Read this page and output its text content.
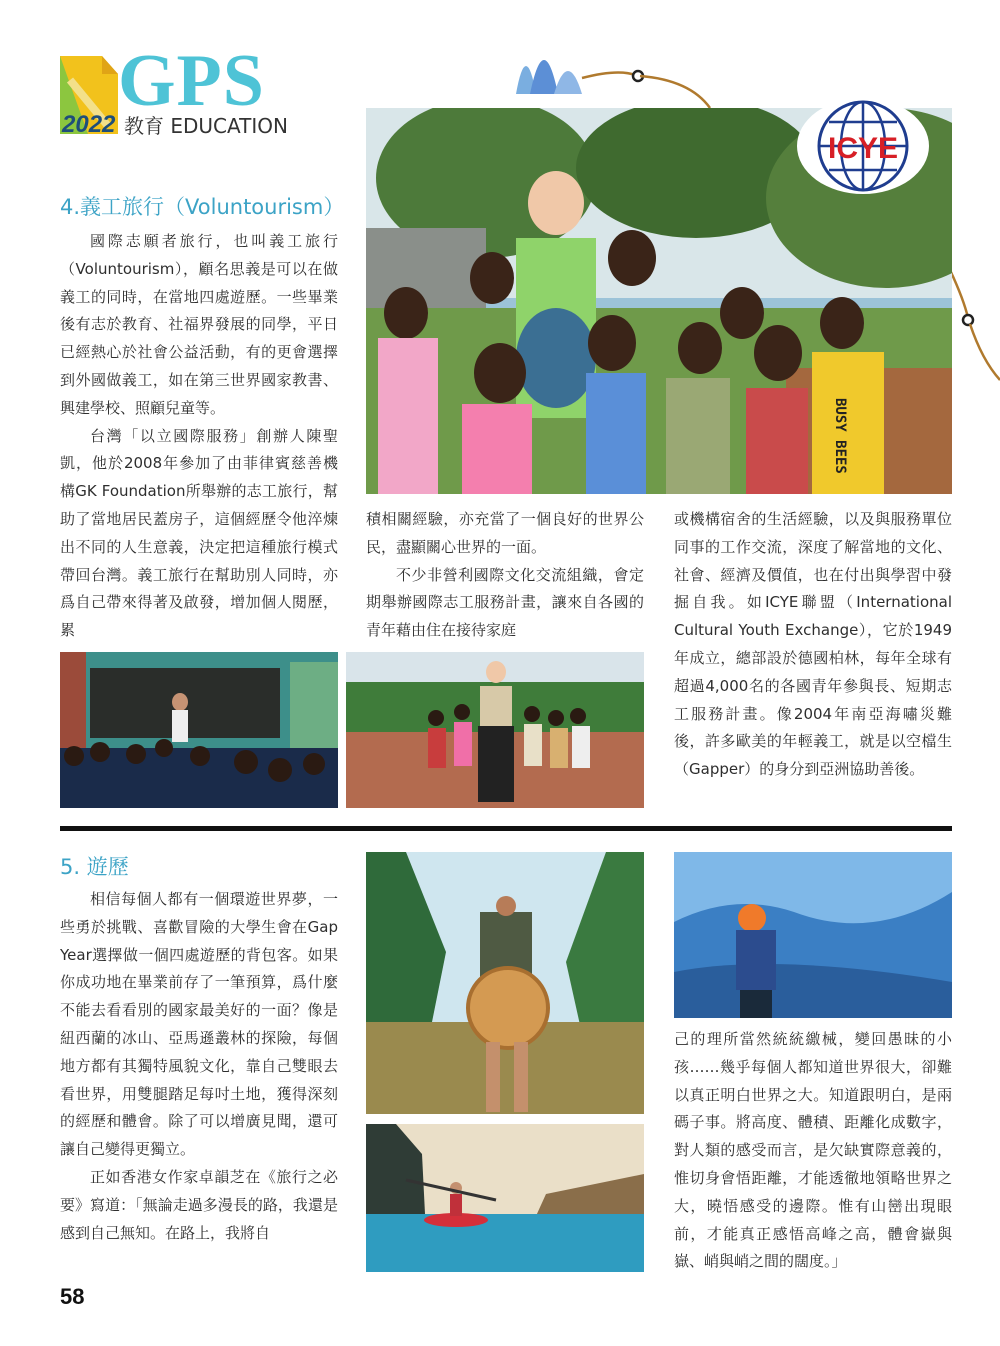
GPS
2022 教育 EDUCATION
4.義工旅行（Voluntourism）

國際志願者旅行，也叫義工旅行（Voluntourism），顧名思義是可以在做義工的同時，在當地四處遊歷。一些畢業後有志於教育、社福界發展的同學，平日已經熱心於社會公益活動，有的更會選擇到外國做義工，如在第三世界國家教書、興建學校、照顧兒童等。

台灣「以立國際服務」創辦人陳聖凱，他於2008年參加了由菲律賓慈善機構GK Foundation所舉辦的志工旅行，幫助了當地居民蓋房子，這個經歷令他淬煉出不同的人生意義，決定把這種旅行模式帶回台灣。義工旅行在幫助別人同時，亦爲自己帶來得著及啟發，增加個人閱歷，累

BUSY BEES
ICYE

積相關經驗，亦充當了一個良好的世界公民，盡顯關心世界的一面。

不少非營利國際文化交流組織，會定期舉辦國際志工服務計畫，讓來自各國的青年藉由住在接待家庭

或機構宿舍的生活經驗，以及與服務單位同事的工作交流，深度了解當地的文化、社會、經濟及價值，也在付出與學習中發掘自我。如ICYE聯盟（International Cultural Youth Exchange），它於1949年成立，總部設於德國柏林，每年全球有超過4,000名的各國青年參與長、短期志工服務計畫。像2004年南亞海嘯災難後，許多歐美的年輕義工，就是以空檔生（Gapper）的身分到亞洲協助善後。

5. 遊歷

相信每個人都有一個環遊世界夢，一些勇於挑戰、喜歡冒險的大學生會在Gap Year選擇做一個四處遊歷的背包客。如果你成功地在畢業前存了一筆預算，爲什麼不能去看看別的國家最美好的一面？像是紐西蘭的冰山、亞馬遜叢林的探險，每個地方都有其獨特風貌文化，靠自己雙眼去看世界，用雙腿踏足每吋土地，獲得深刻的經歷和體會。除了可以增廣見聞，還可讓自己變得更獨立。

正如香港女作家卓韻芝在《旅行之必要》寫道：「無論走過多漫長的路，我還是感到自己無知。在路上，我將自

己的理所當然統統繳械，變回愚昧的小孩……幾乎每個人都知道世界很大，卻難以真正明白世界之大。知道跟明白，是兩碼子事。將高度、體積、距離化成數字，對人類的感受而言，是欠缺實際意義的，惟切身會悟距離，才能透徹地領略世界之大，曉悟感受的邊際。惟有山巒出現眼前，才能真正感悟高峰之高，體會嶽與嶽、峭與峭之間的闊度。」

58
